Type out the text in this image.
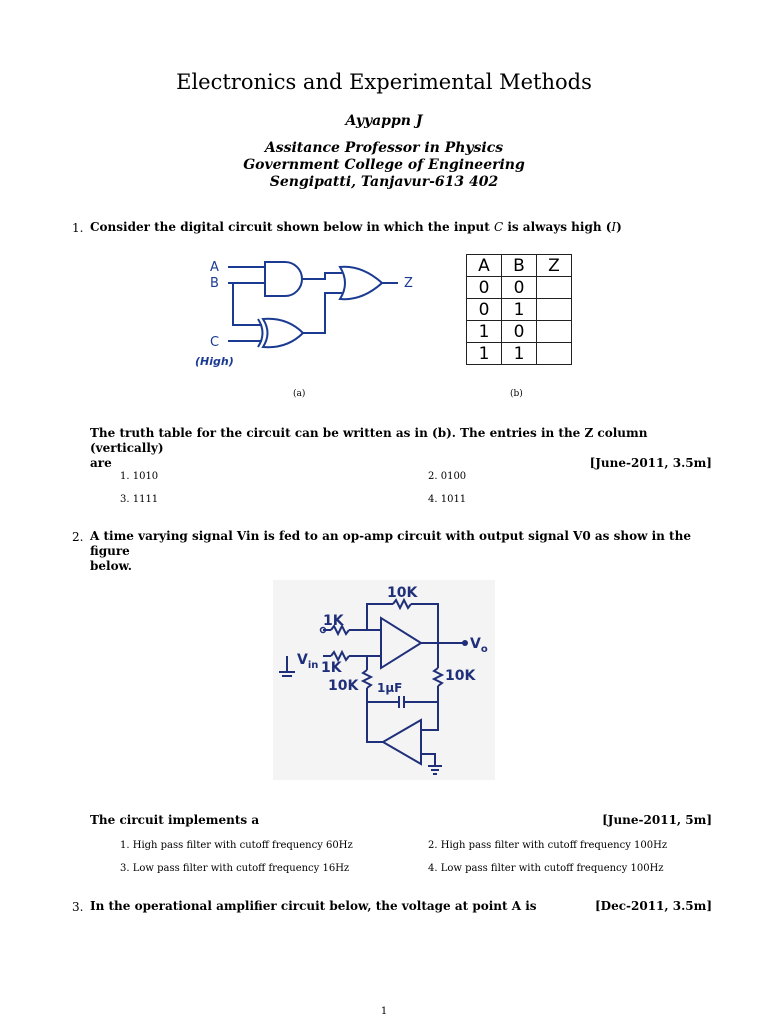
Electronics and Experimental Methods
Ayyappn J
Assitance Professor in Physics
Government College of Engineering
Sengipatti, Tanjavur-613 402
1. Consider the digital circuit shown below in which the input C is always high (I)
A
B
C
(High)
Z
(a)
A	B	Z
0	0	
0	1	
1	0	
1	1	
(b)
The truth table for the circuit can be written as in (b). The entries in the Z column (vertically)
are	[June-2011, 3.5m]
1. 1010	2. 0100
3. 1111	4. 1011
2. A time varying signal Vin is fed to an op-amp circuit with output signal V0 as show in the figure
below.
10K
1K
1K
10K 1µF
10K
$V_{in}$
$V_o$
The circuit implements a	[June-2011, 5m]
1. High pass filter with cutoff frequency 60Hz	2. High pass filter with cutoff frequency 100Hz
3. Low pass filter with cutoff frequency 16Hz	4. Low pass filter with cutoff frequency 100Hz
3. In the operational amplifier circuit below, the voltage at point A is	[Dec-2011, 3.5m]
1
